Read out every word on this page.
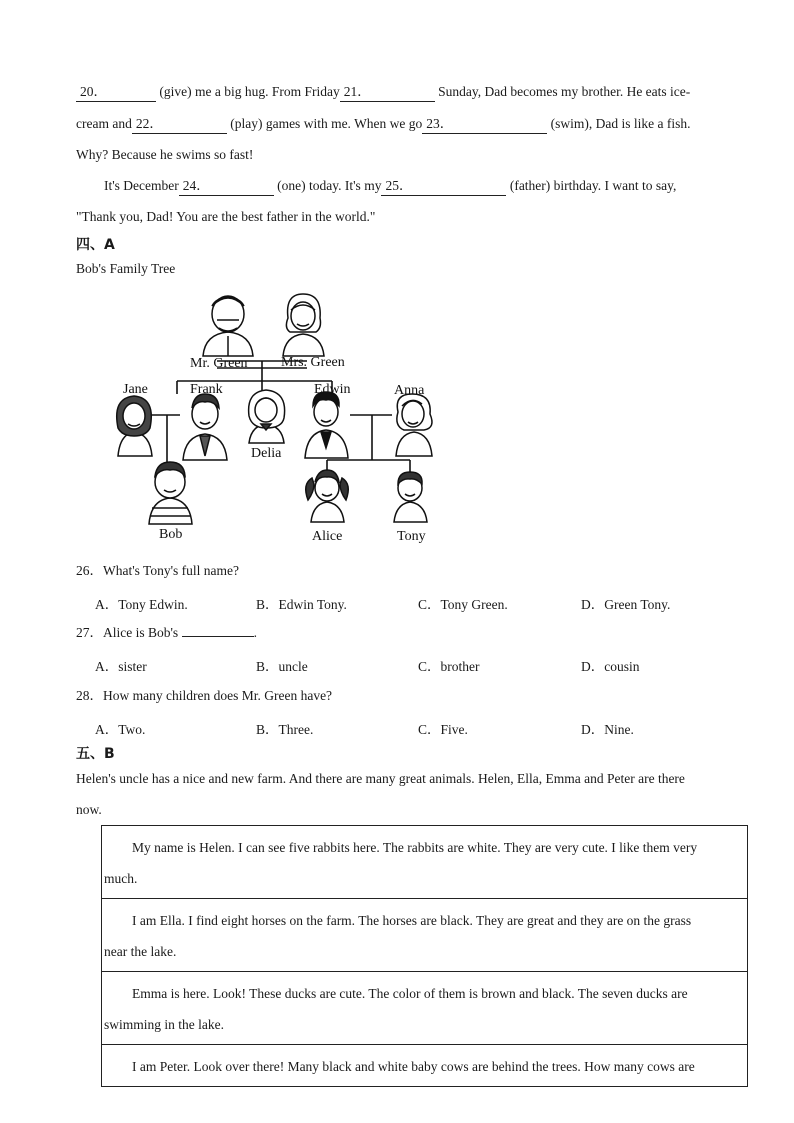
20．	(give) me a big hug. From Friday 21．	Sunday, Dad becomes my brother. He eats ice-
cream and 22．	(play) games with me. When we go 23．	(swim), Dad is like a fish.
Why? Because he swims so fast!
It's December 24．	(one) today. It's my 25．	(father) birthday. I want to say,
"Thank you, Dad! You are the best father in the world."
四、A
Bob's Family Tree
Mr. Green Mrs. Green
Jane	Frank	Edwin	Anna
Delia
Bob	Alice	Tony
26．What's Tony's full name?
A．Tony Edwin.	B．Edwin Tony.	C．Tony Green.	D．Green Tony.
27．Alice is Bob's	.
A．sister	B．uncle	C．brother	D．cousin
28．How many children does Mr. Green have?
A．Two.	B．Three.	C．Five.	D．Nine.
五、B
Helen's uncle has a nice and new farm. And there are many great animals. Helen, Ella, Emma and Peter are there
now.
My name is Helen. I can see five rabbits here. The rabbits are white. They are very cute. I like them very
much.
I am Ella. I find eight horses on the farm. The horses are black. They are great and they are on the grass
near the lake.
Emma is here. Look! These ducks are cute. The color of them is brown and black. The seven ducks are
swimming in the lake.
I am Peter. Look over there! Many black and white baby cows are behind the trees. How many cows are
